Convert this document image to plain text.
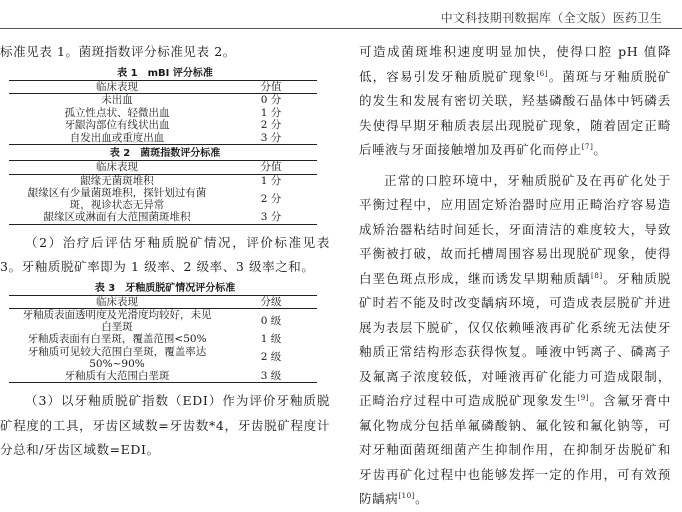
中文科技期刊数据库（全文版）医药卫生

标准见表 1。菌斑指数评分标准见表 2。

表 1　mBI 评分标准
临床表现	分值
未出血	0 分
孤立性点状、轻微出血	1 分
牙龈沟部位有线状出血	2 分
自发出血或重度出血	3 分
表 2　菌斑指数评分标准
临床表现	分值
龈缘无菌斑堆积	1 分
龈缘区有少量菌斑堆积，探针划过有菌斑，视诊状态无异常	2 分
龈缘区或淋面有大范围菌斑堆积	3 分

（2）治疗后评估牙釉质脱矿情况，评价标准见表 3。牙釉质脱矿率即为 1 级率、2 级率、3 级率之和。

表 3　牙釉质脱矿情况评分标准
临床表现	分级
牙釉质表面透明度及光滑度均较好，未见白垩斑	0 级
牙釉质表面有白垩斑，覆盖范围<50%	1 级
牙釉质可见较大范围白垩斑，覆盖率达 50%~90%	2 级
牙釉质有大范围白垩斑	3 级

（3）以牙釉质脱矿指数（EDI）作为评价牙釉质脱矿程度的工具，牙齿区域数=牙齿数*4，牙齿脱矿程度计分总和/牙齿区域数=EDI。

可造成菌斑堆积速度明显加快，使得口腔 pH 值降低，容易引发牙釉质脱矿现象[6]。菌斑与牙釉质脱矿的发生和发展有密切关联，羟基磷酸石晶体中钙磷丢失使得早期牙釉质表层出现脱矿现象，随着固定正畸后唾液与牙面接触增加及再矿化而停止[7]。

正常的口腔环境中，牙釉质脱矿及在再矿化处于平衡过程中，应用固定矫治器时应用正畸治疗容易造成矫治器粘结时间延长，牙面清洁的难度较大，导致平衡被打破，故而托槽周围容易出现脱矿现象，使得白垩色斑点形成，继而诱发早期釉质龋[8]。牙釉质脱矿时若不能及时改变龋病环境，可造成表层脱矿并进展为表层下脱矿，仅仅依赖唾液再矿化系统无法使牙釉质正常结构形态获得恢复。唾液中钙离子、磷离子及氟离子浓度较低，对唾液再矿化能力可造成限制，正畸治疗过程中可造成脱矿现象发生[9]。含氟牙膏中氟化物成分包括单氟磷酸钠、氟化铵和氟化钠等，可对牙釉面菌斑细菌产生抑制作用，在抑制牙齿脱矿和牙齿再矿化过程中也能够发挥一定的作用，可有效预防龋病[10]。
